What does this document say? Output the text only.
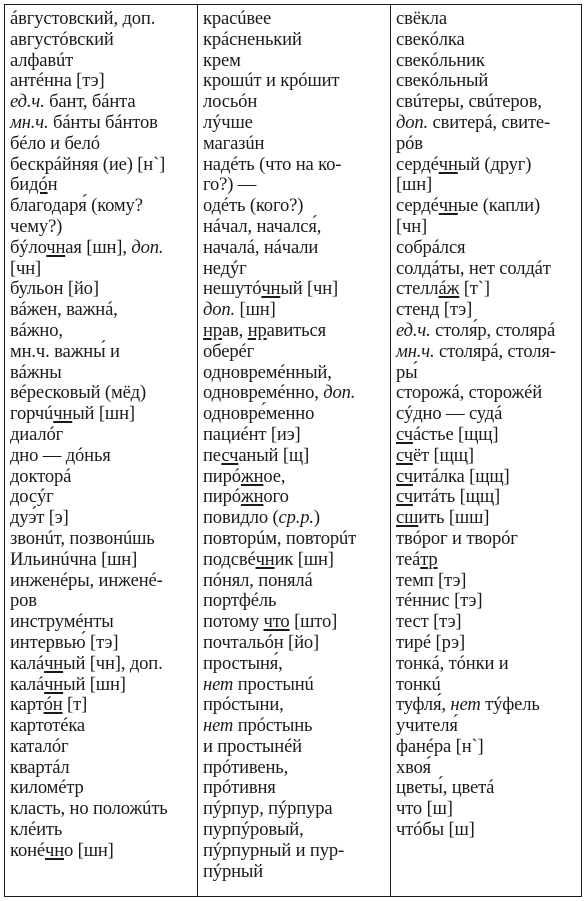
áвгустовский, доп.
августóвский
алфавúт
антéнна [тэ]
ед.ч. бант, бáнта
мн.ч. бáнты бáнтов
бéло и белó
бескрáйняя (ие) [н`]
бидóн
благодаря́ (кому?
чему?)
бýлочная [шн], доп.
[чн]
бульон [йо]
вáжен, важнá,
вáжно,
мн.ч. важны́ и
вáжны
вéресковый (мёд)
горчúчный [шн]
диалóг
дно — дóнья
докторá
досýг
дуэ́т [э]
звонúт, позвонúшь
Ильинúчна [шн]
инженéры, инженé-
ров
инструмéнты
интервью́ [тэ]
калáчный [чн], доп.
калáчный [шн]
картóн [т]
картотéка
каталóг
квартáл
киломéтр
класть, но положúть
клéить
конéчно [шн]
красúвее
крáсненький
крем
крошúт и крóшит
лосьóн
лýчше
магазúн
надéть (что на ко-
го?) —
одéть (кого?)
нáчал, начался́,
началá, нáчали
недýг
нешутóчный [чн]
доп. [шн]
нрав, нравиться
оберéг
одновремéнный,
одновремéнно, доп.
одновре́менно
пациéнт [иэ]
песчаный [щ]
пирóжное,
пирóжного
повидло (ср.р.)
повторúм, повторúт
подсвéчник [шн]
пóнял, понялá
портфéль
потому что [што]
почтальóн [йо]
простыня́,
нет простынú
прóстыни,
нет прóстынь
и простынéй
прóтивень,
прóтивня
пýрпур, пýрпура
пурпýровый,
пýрпурный и пур-
пýрный
свёкла
свекóлка
свекóльник
свекóльный
свúтеры, свúтеров,
доп. свитерá, свитe-
рóв
сердéчный (друг)
[шн]
сердéчные (капли)
[чн]
собрáлся
солдáты, нет солдáт
стеллáж [т`]
стенд [тэ]
ед.ч. столя́р, столярá
мн.ч. столярá, столя-
ры́
сторожá, сторожéй
сýдно — судá
счáстье [щщ]
счёт [щщ]
считáлка [щщ]
считáть [щщ]
сшить [шш]
твóрог и творóг
теáтр
темп [тэ]
тéннис [тэ]
тест [тэ]
тирé [рэ]
тонкá, тóнки и
тонкú
туфля́, нет тýфель
учителя́
фанéра [н`]
хвоя́
цветы́, цветá
что [ш]
чтóбы [ш]
